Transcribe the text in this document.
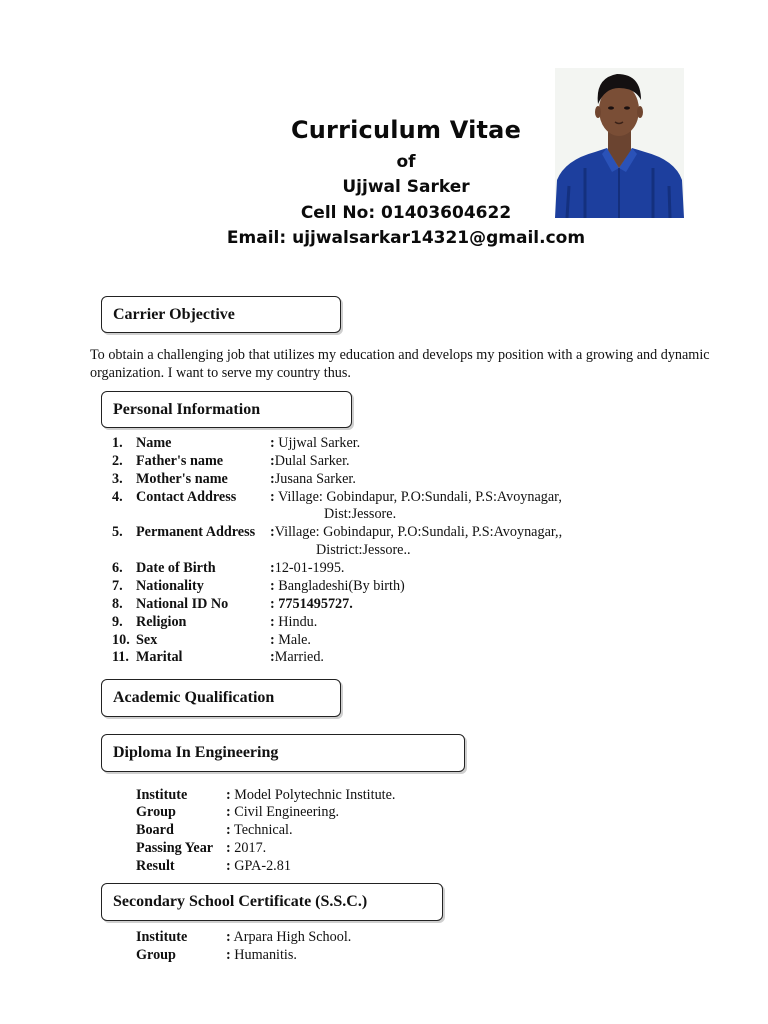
Curriculum Vitae
of
Ujjwal Sarker
Cell No: 01403604622
Email: ujjwalsarkar14321@gmail.com
Carrier Objective
To obtain a challenging job that utilizes my education and develops my position with a growing and dynamic organization. I want to serve my country thus.
Personal Information
1. Name	: Ujjwal Sarker.
2. Father's name	:Dulal Sarker.
3. Mother's name	:Jusana Sarker.
4. Contact Address	: Village: Gobindapur, P.O:Sundali, P.S:Avoynagar,
Dist:Jessore.
5. Permanent Address	:Village: Gobindapur, P.O:Sundali, P.S:Avoynagar,,
District:Jessore..
6. Date of Birth	:12-01-1995.
7. Nationality	: Bangladeshi(By birth)
8. National ID No	: 7751495727.
9. Religion	: Hindu.
10. Sex	: Male.
11. Marital	:Married.
Academic Qualification
Diploma In Engineering
Institute	: Model Polytechnic Institute.
Group	: Civil Engineering.
Board	: Technical.
Passing Year : 2017.
Result	: GPA-2.81
Secondary School Certificate (S.S.C.)
Institute	: Arpara High School.
Group	: Humanitis.
